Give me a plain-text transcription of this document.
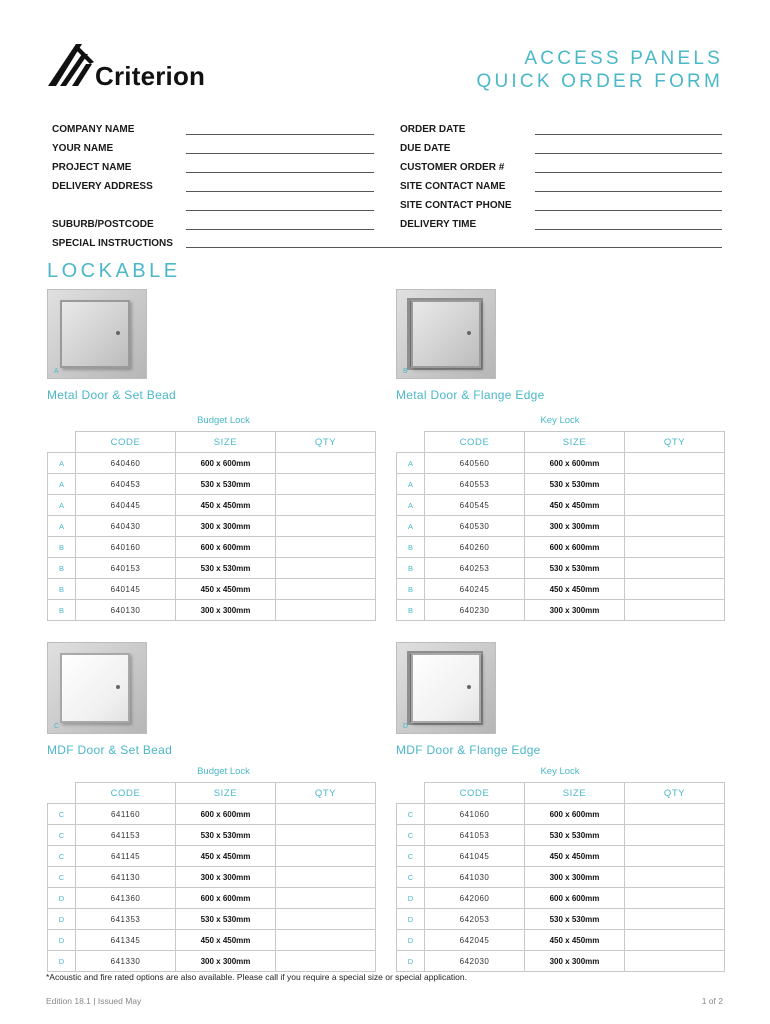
Criterion
ACCESS PANELS
QUICK ORDER FORM
COMPANY NAME
YOUR NAME
PROJECT NAME
DELIVERY ADDRESS
SUBURB/POSTCODE
ORDER DATE
DUE DATE
CUSTOMER ORDER #
SITE CONTACT NAME
SITE CONTACT PHONE
DELIVERY TIME
SPECIAL INSTRUCTIONS
LOCKABLE
A
Metal Door & Set Bead
Budget Lock
	CODE	SIZE	QTY
A	640460	600 x 600mm	
A	640453	530 x 530mm	
A	640445	450 x 450mm	
A	640430	300 x 300mm	
B	640160	600 x 600mm	
B	640153	530 x 530mm	
B	640145	450 x 450mm	
B	640130	300 x 300mm	
B
Metal Door & Flange Edge
Key Lock
	CODE	SIZE	QTY
A	640560	600 x 600mm	
A	640553	530 x 530mm	
A	640545	450 x 450mm	
A	640530	300 x 300mm	
B	640260	600 x 600mm	
B	640253	530 x 530mm	
B	640245	450 x 450mm	
B	640230	300 x 300mm	
C
MDF Door & Set Bead
Budget Lock
	CODE	SIZE	QTY
C	641160	600 x 600mm	
C	641153	530 x 530mm	
C	641145	450 x 450mm	
C	641130	300 x 300mm	
D	641360	600 x 600mm	
D	641353	530 x 530mm	
D	641345	450 x 450mm	
D	641330	300 x 300mm	
D
MDF Door & Flange Edge
Key Lock
	CODE	SIZE	QTY
C	641060	600 x 600mm	
C	641053	530 x 530mm	
C	641045	450 x 450mm	
C	641030	300 x 300mm	
D	642060	600 x 600mm	
D	642053	530 x 530mm	
D	642045	450 x 450mm	
D	642030	300 x 300mm	
*Acoustic and fire rated options are also available. Please call if you require a special size or special application.
Edition 18.1 | Issued May	1 of 2
